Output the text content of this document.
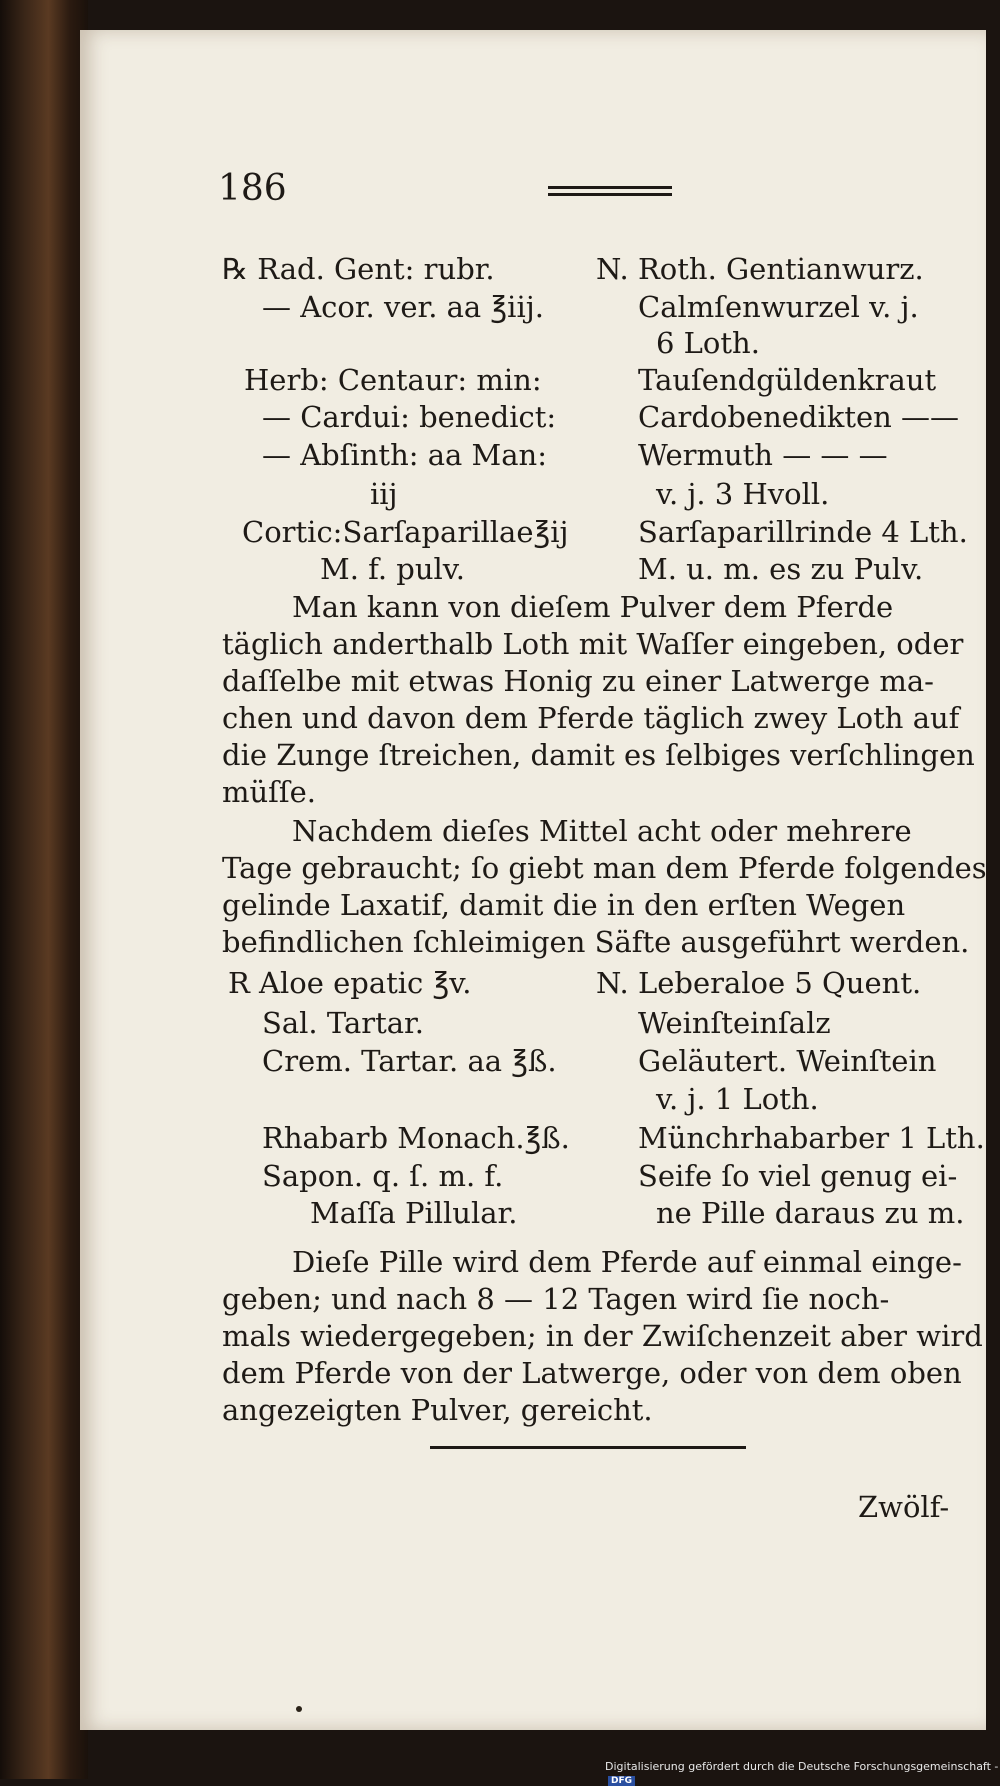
186
℞ Rad. Gent: rubr.
— Acor. ver. aa ℥iij.
Herb: Centaur: min:
— Cardui: benedict:
— Abſinth: aa Man:
iij
Cortic:Sarſaparillae℥ij
M. f. pulv.
N. Roth. Gentianwurz.
Calmſenwurzel v. j.
6 Loth.
Tauſendgüldenkraut
Cardobenedikten ——
Wermuth — — —
v. j. 3 Hvoll.
Sarſaparillrinde 4 Lth.
M. u. m. es zu Pulv.
Man kann von dieſem Pulver dem Pferde
täglich anderthalb Loth mit Waſſer eingeben, oder
daſſelbe mit etwas Honig zu einer Latwerge ma-
chen und davon dem Pferde täglich zwey Loth auf
die Zunge ſtreichen, damit es ſelbiges verſchlingen
müſſe.
Nachdem dieſes Mittel acht oder mehrere
Tage gebraucht; ſo giebt man dem Pferde folgendes
gelinde Laxatif, damit die in den erſten Wegen
befindlichen ſchleimigen Säfte ausgeführt werden.
R Aloe epatic ℥v.
Sal. Tartar.
Crem. Tartar. aa ℥ß.
Rhabarb Monach.℥ß.
Sapon. q. ſ. m. f.
Maſſa Pillular.
N. Leberaloe 5 Quent.
Weinſteinſalz
Geläutert. Weinſtein
v. j. 1 Loth.
Münchrhabarber 1 Lth.
Seife ſo viel genug ei-
ne Pille daraus zu m.
Dieſe Pille wird dem Pferde auf einmal einge-
geben; und nach 8 — 12 Tagen wird ſie noch-
mals wiedergegeben; in der Zwiſchenzeit aber wird
dem Pferde von der Latwerge, oder von dem oben
angezeigten Pulver, gereicht.
Zwölf-
Digitalisierung gefördert durch die Deutsche Forschungsgemeinschaft -DFG
